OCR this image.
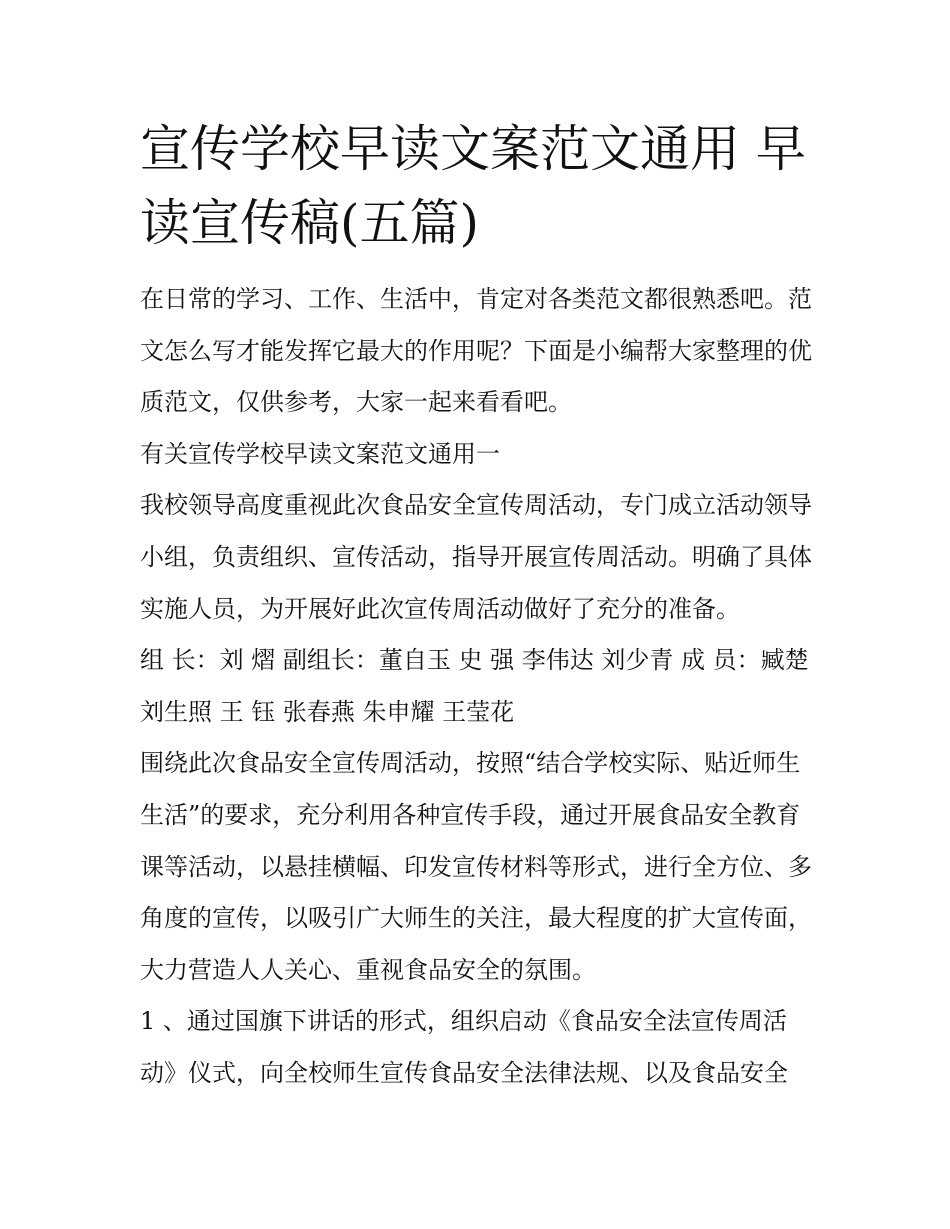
宣传学校早读文案范文通用 早读宣传稿(五篇)

在日常的学习、工作、生活中，肯定对各类范文都很熟悉吧。范文怎么写才能发挥它最大的作用呢？下面是小编帮大家整理的优质范文，仅供参考，大家一起来看看吧。

有关宣传学校早读文案范文通用一

我校领导高度重视此次食品安全宣传周活动，专门成立活动领导小组，负责组织、宣传活动，指导开展宣传周活动。明确了具体实施人员，为开展好此次宣传周活动做好了充分的准备。

组 长：刘 熠 副组长：董自玉 史 强 李伟达 刘少青 成 员：臧楚 刘生照 王 钰 张春燕 朱申耀 王莹花

围绕此次食品安全宣传周活动，按照“结合学校实际、贴近师生生活”的要求，充分利用各种宣传手段，通过开展食品安全教育课等活动，以悬挂横幅、印发宣传材料等形式，进行全方位、多角度的宣传，以吸引广大师生的关注，最大程度的扩大宣传面，大力营造人人关心、重视食品安全的氛围。

1 、通过国旗下讲话的形式，组织启动《食品安全法宣传周活动》仪式，向全校师生宣传食品安全法律法规、以及食品安全
